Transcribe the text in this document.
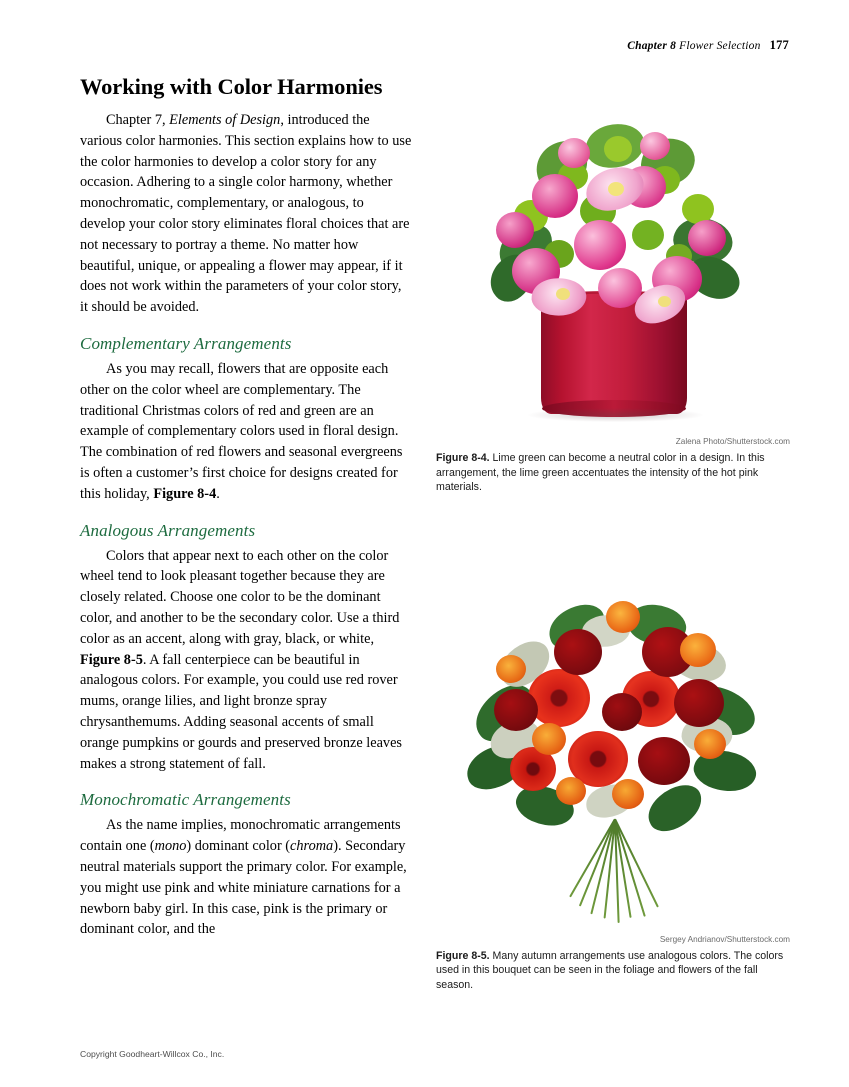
Chapter 8 Flower Selection 177
Working with Color Harmonies

Chapter 7, Elements of Design, introduced the various color harmonies. This section explains how to use the color harmonies to develop a color story for any occasion. Adhering to a single color harmony, whether monochromatic, complementary, or analogous, to develop your color story eliminates floral choices that are not necessary to portray a theme. No matter how beautiful, unique, or appealing a flower may appear, if it does not work within the parameters of your color story, it should be avoided.

Complementary Arrangements

As you may recall, flowers that are opposite each other on the color wheel are complementary. The traditional Christmas colors of red and green are an example of complementary colors used in floral design. The combination of red flowers and seasonal evergreens is often a customer’s first choice for designs created for this holiday, Figure 8-4.

Analogous Arrangements

Colors that appear next to each other on the color wheel tend to look pleasant together because they are closely related. Choose one color to be the dominant color, and another to be the secondary color. Use a third color as an accent, along with gray, black, or white, Figure 8-5. A fall centerpiece can be beautiful in analogous colors. For example, you could use red rover mums, orange lilies, and light bronze spray chrysanthemums. Adding seasonal accents of small orange pumpkins or gourds and preserved bronze leaves makes a strong statement of fall.

Monochromatic Arrangements

As the name implies, monochromatic arrangements contain one (mono) dominant color (chroma). Secondary neutral materials support the primary color. For example, you might use pink and white miniature carnations for a newborn baby girl. In this case, pink is the primary or dominant color, and the

Zalena Photo/Shutterstock.com
Figure 8-4. Lime green can become a neutral color in a design. In this arrangement, the lime green accentuates the intensity of the hot pink materials.
Sergey Andrianov/Shutterstock.com
Figure 8-5. Many autumn arrangements use analogous colors. The colors used in this bouquet can be seen in the foliage and flowers of the fall season.
Copyright Goodheart-Willcox Co., Inc.
